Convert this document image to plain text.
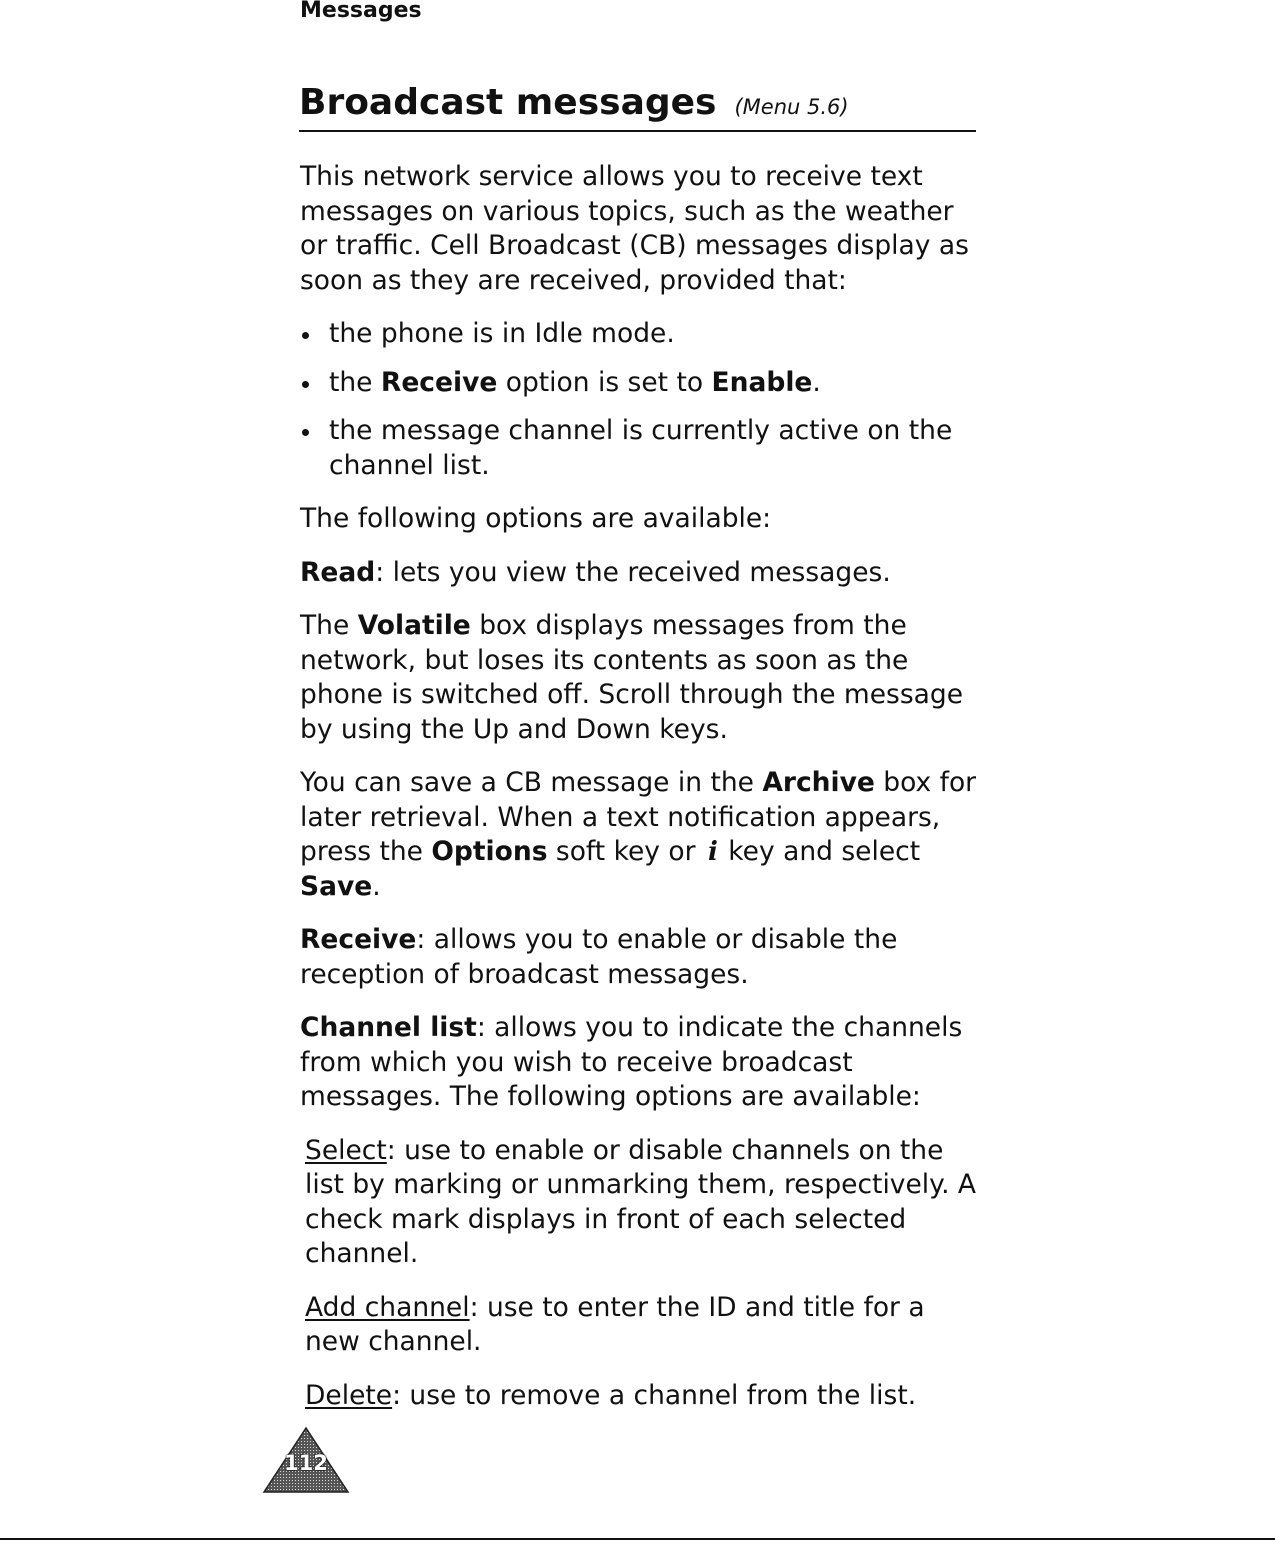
Messages
Broadcast messages (Menu 5.6)

This network service allows you to receive text messages on various topics, such as the weather or traffic. Cell Broadcast (CB) messages display as soon as they are received, provided that:

the phone is in Idle mode.
the Receive option is set to Enable.
the message channel is currently active on the channel list.

The following options are available:

Read: lets you view the received messages.

The Volatile box displays messages from the network, but loses its contents as soon as the phone is switched off. Scroll through the message by using the Up and Down keys.

You can save a CB message in the Archive box for later retrieval. When a text notification appears, press the Options soft key or i key and select Save.

Receive: allows you to enable or disable the reception of broadcast messages.

Channel list: allows you to indicate the channels from which you wish to receive broadcast messages. The following options are available:

Select: use to enable or disable channels on the list by marking or unmarking them, respectively. A check mark displays in front of each selected channel.

Add channel: use to enter the ID and title for a new channel.

Delete: use to remove a channel from the list.

112
